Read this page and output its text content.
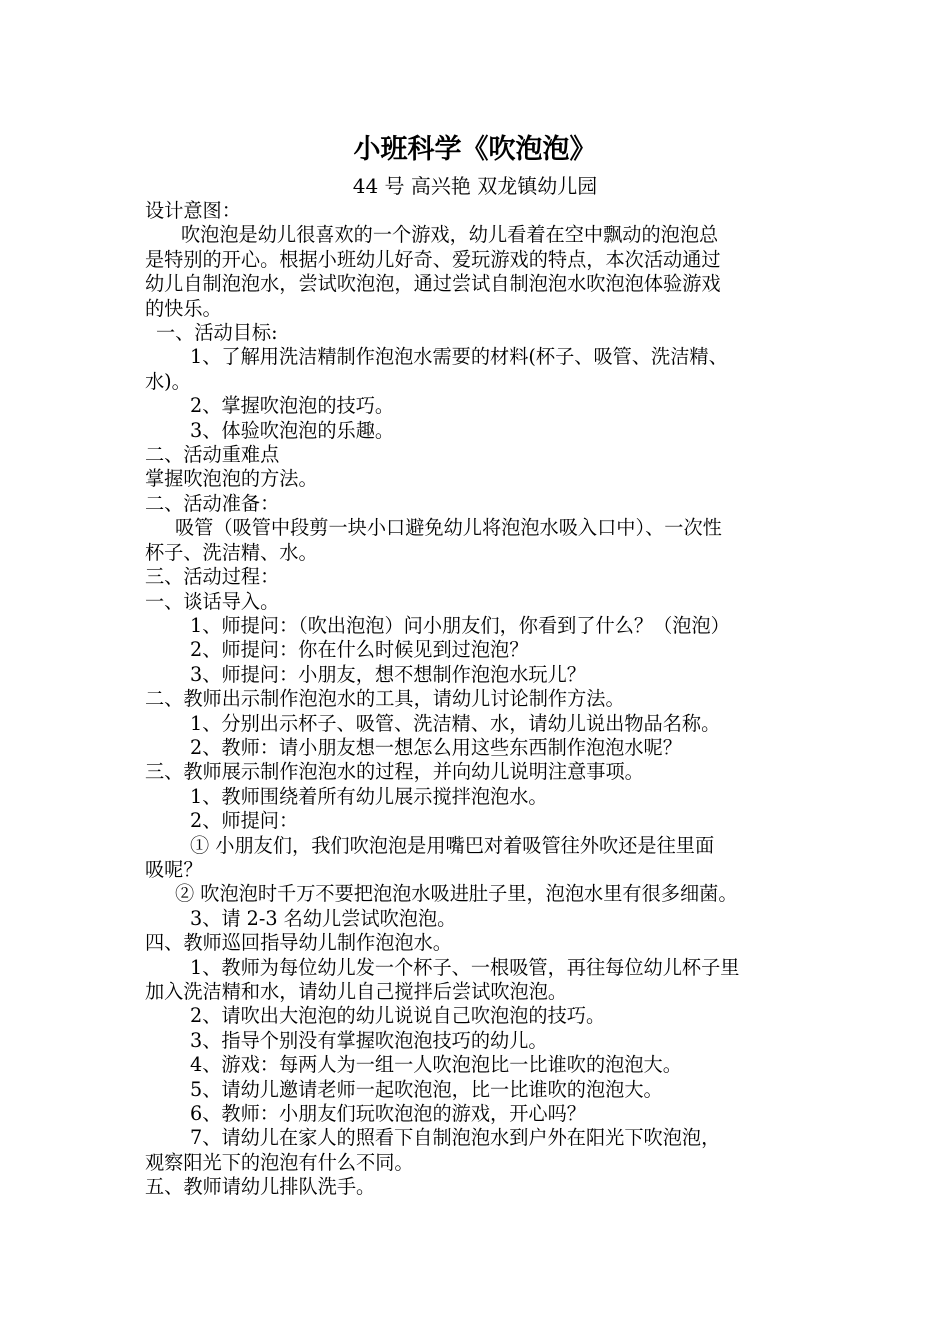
小班科学《吹泡泡》
44 号 高兴艳 双龙镇幼儿园

设计意图：

吹泡泡是幼儿很喜欢的一个游戏，幼儿看着在空中飘动的泡泡总

是特别的开心。根据小班幼儿好奇、爱玩游戏的特点，本次活动通过

幼儿自制泡泡水，尝试吹泡泡，通过尝试自制泡泡水吹泡泡体验游戏

的快乐。

一、活动目标:

1、了解用洗洁精制作泡泡水需要的材料(杯子、吸管、洗洁精、

水)。

2、掌握吹泡泡的技巧。

3、体验吹泡泡的乐趣。

二、活动重难点

掌握吹泡泡的方法。

二、活动准备：

吸管（吸管中段剪一块小口避免幼儿将泡泡水吸入口中）、一次性

杯子、洗洁精、水。

三、活动过程：

一、谈话导入。

1、师提问：（吹出泡泡）问小朋友们，你看到了什么？（泡泡）

2、师提问：你在什么时候见到过泡泡？

3、师提问：小朋友，想不想制作泡泡水玩儿？

二、教师出示制作泡泡水的工具，请幼儿讨论制作方法。

1、分别出示杯子、吸管、洗洁精、水，请幼儿说出物品名称。

2、教师：请小朋友想一想怎么用这些东西制作泡泡水呢？

三、教师展示制作泡泡水的过程，并向幼儿说明注意事项。

1、教师围绕着所有幼儿展示搅拌泡泡水。

2、师提问：

① 小朋友们，我们吹泡泡是用嘴巴对着吸管往外吹还是往里面

吸呢？

② 吹泡泡时千万不要把泡泡水吸进肚子里，泡泡水里有很多细菌。

3、请 2-3 名幼儿尝试吹泡泡。

四、教师巡回指导幼儿制作泡泡水。

1、教师为每位幼儿发一个杯子、一根吸管，再往每位幼儿杯子里

加入洗洁精和水，请幼儿自己搅拌后尝试吹泡泡。

2、请吹出大泡泡的幼儿说说自己吹泡泡的技巧。

3、指导个别没有掌握吹泡泡技巧的幼儿。

4、游戏：每两人为一组一人吹泡泡比一比谁吹的泡泡大。

5、请幼儿邀请老师一起吹泡泡，比一比谁吹的泡泡大。

6、教师：小朋友们玩吹泡泡的游戏，开心吗？

7、请幼儿在家人的照看下自制泡泡水到户外在阳光下吹泡泡，

观察阳光下的泡泡有什么不同。

五、教师请幼儿排队洗手。
